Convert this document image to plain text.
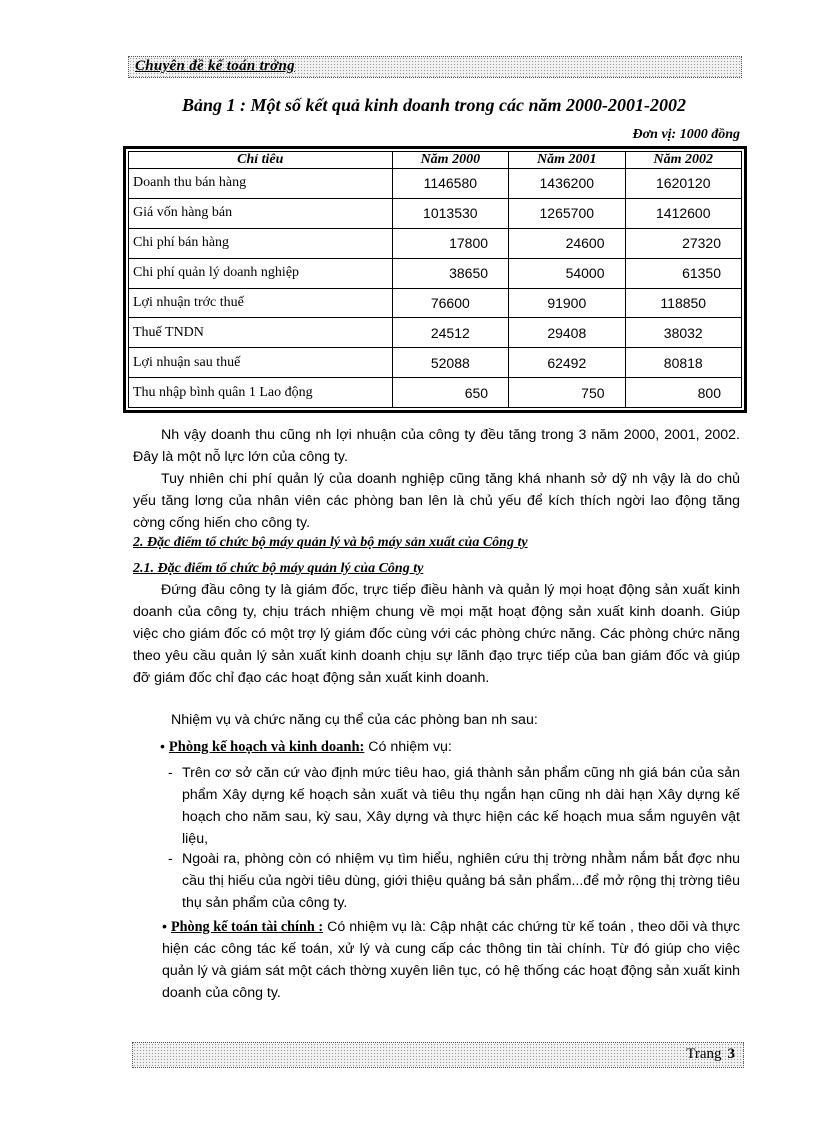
Chuyên đề kế toán trởng
Bảng 1 : Một số kết quả kinh doanh trong các năm 2000-2001-2002
Đơn vị: 1000 đồng
Chỉ tiêu	Năm 2000	Năm 2001	Năm 2002
Doanh thu bán hàng	1146580	1436200	1620120
Giá vốn hàng bán	1013530	1265700	1412600
Chi phí bán hàng	17800	24600	27320
Chi phí quản lý doanh nghiệp	38650	54000	61350
Lợi nhuận trớc thuế	76600	91900	118850
Thuế TNDN	24512	29408	38032
Lợi nhuận sau thuế	52088	62492	80818
Thu nhập bình quân 1 Lao động	650	750	800
Nh vậy doanh thu cũng nh lợi nhuận của công ty đều tăng trong 3 năm 2000, 2001, 2002. Đây là một nỗ lực lớn của công ty.
Tuy nhiên chi phí quản lý của doanh nghiệp cũng tăng khá nhanh sở dỹ nh vậy là do chủ yếu tăng lơng của nhân viên các phòng ban lên là chủ yếu để kích thích ngời lao động tăng cờng cống hiến cho công ty.
2. Đặc điểm tổ chức bộ máy quản lý và bộ máy sản xuất của Công ty
2.1. Đặc điểm tổ chức bộ máy quản lý của Công ty
Đứng đầu công ty là giám đốc, trực tiếp điều hành và quản lý mọi hoạt động sản xuất kinh doanh của công ty, chịu trách nhiệm chung về mọi mặt hoạt động sản xuất kinh doanh. Giúp việc cho giám đốc có một trợ lý giám đốc cùng với các phòng chức năng. Các phòng chức năng theo yêu cầu quản lý sản xuất kinh doanh chịu sự lãnh đạo trực tiếp của ban giám đốc và giúp đỡ giám đốc chỉ đạo các hoạt động sản xuất kinh doanh.
Nhiệm vụ và chức năng cụ thể của các phòng ban nh sau:
• Phòng kế hoạch và kinh doanh: Có nhiệm vụ:
- Trên cơ sở căn cứ vào định mức tiêu hao, giá thành sản phẩm cũng nh giá bán của sản phẩm Xây dựng kế hoạch sản xuất và tiêu thụ ngắn hạn cũng nh dài hạn Xây dựng kế hoạch cho năm sau, kỳ sau, Xây dựng và thực hiện các kế hoạch mua sắm nguyên vật liệu,
- Ngoài ra, phòng còn có nhiệm vụ tìm hiểu, nghiên cứu thị trờng nhằm nắm bắt đợc nhu cầu thị hiếu của ngời tiêu dùng, giới thiệu quảng bá sản phẩm...để mở rộng thị trờng tiêu thụ sản phẩm của công ty.
• Phòng kế toán tài chính : Có nhiệm vụ là: Cập nhật các chứng từ kế toán , theo dõi và thực hiện các công tác kế toán, xử lý và cung cấp các thông tin tài chính. Từ đó giúp cho việc quản lý và giám sát một cách thờng xuyên liên tục, có hệ thống các hoạt động sản xuất kinh doanh của công ty.
Trang 3
